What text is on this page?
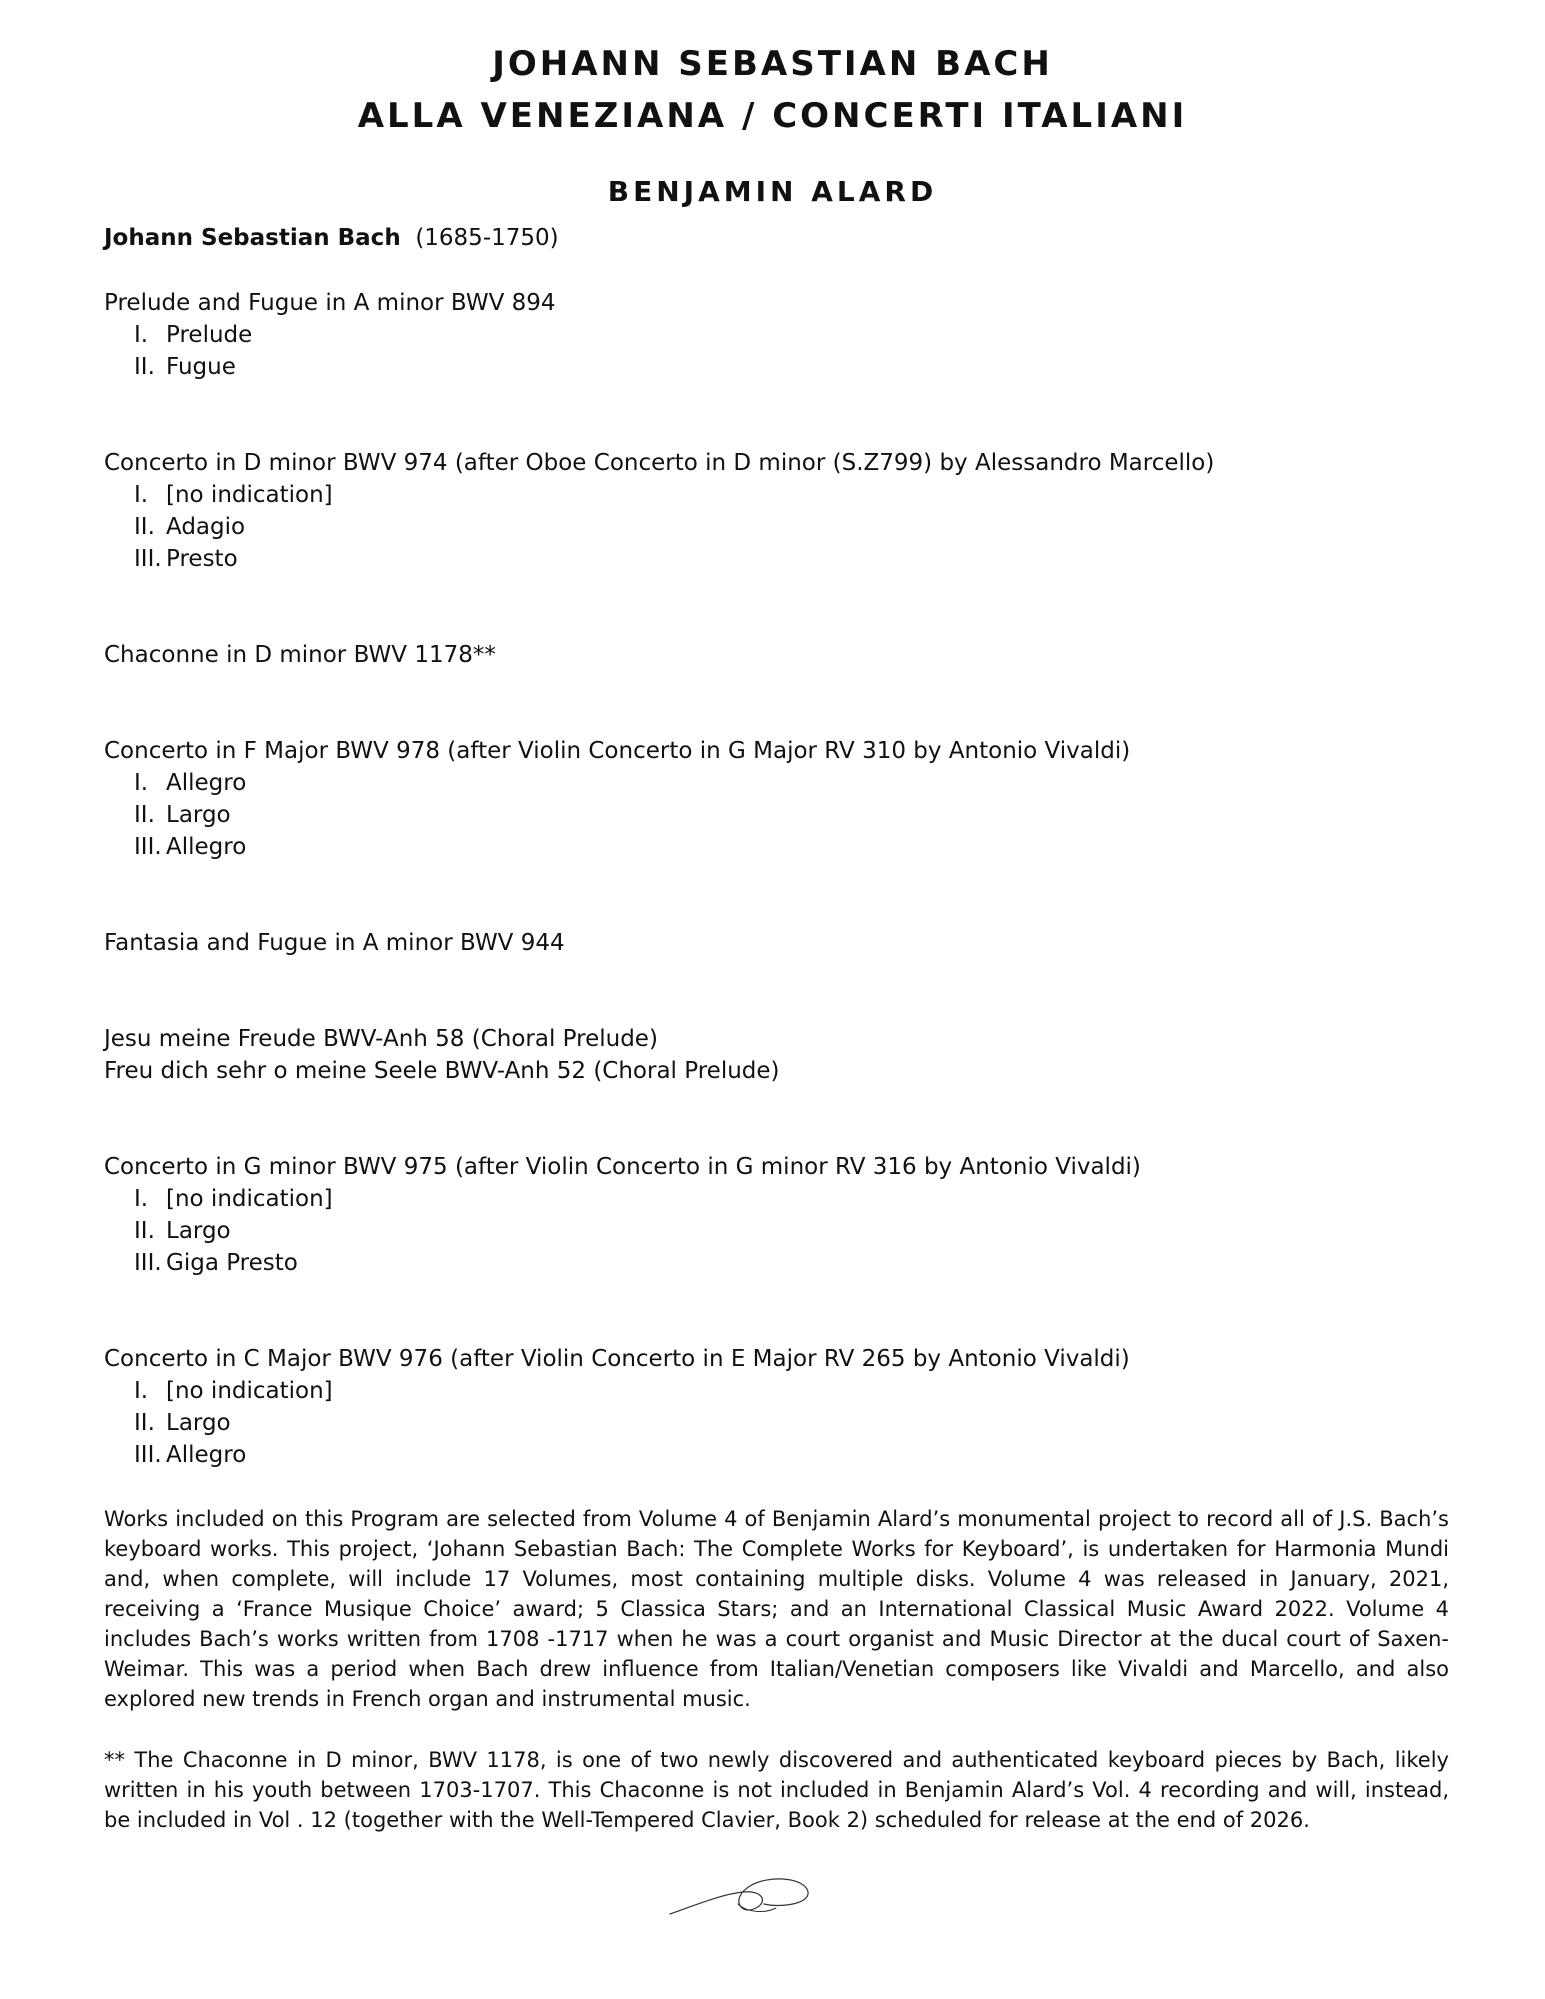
JOHANN SEBASTIAN BACH
ALLA VENEZIANA / CONCERTI ITALIANI
BENJAMIN ALARD

Johann Sebastian Bach (1685-1750)

Prelude and Fugue in A minor BWV 894
I. Prelude
II. Fugue
Concerto in D minor BWV 974 (after Oboe Concerto in D minor (S.Z799) by Alessandro Marcello)
I. [no indication]
II. Adagio
III. Presto
Chaconne in D minor BWV 1178**
Concerto in F Major BWV 978 (after Violin Concerto in G Major RV 310 by Antonio Vivaldi)
I. Allegro
II. Largo
III. Allegro
Fantasia and Fugue in A minor BWV 944
Jesu meine Freude BWV-Anh 58 (Choral Prelude)
Freu dich sehr o meine Seele BWV-Anh 52 (Choral Prelude)
Concerto in G minor BWV 975 (after Violin Concerto in G minor RV 316 by Antonio Vivaldi)
I. [no indication]
II. Largo
III. Giga Presto
Concerto in C Major BWV 976 (after Violin Concerto in E Major RV 265 by Antonio Vivaldi)
I. [no indication]
II. Largo
III. Allegro

Works included on this Program are selected from Volume 4 of Benjamin Alard’s monumental project to record all of J.S. Bach’s keyboard works. This project, ‘Johann Sebastian Bach: The Complete Works for Keyboard’, is undertaken for Harmonia Mundi and, when complete, will include 17 Volumes, most containing multiple disks. Volume 4 was released in January, 2021, receiving a ‘France Musique Choice’ award; 5 Classica Stars; and an International Classical Music Award 2022. Volume 4 includes Bach’s works written from 1708 -1717 when he was a court organist and Music Director at the ducal court of Saxen-Weimar. This was a period when Bach drew influence from Italian/Venetian composers like Vivaldi and Marcello, and also explored new trends in French organ and instrumental music.

** The Chaconne in D minor, BWV 1178, is one of two newly discovered and authenticated keyboard pieces by Bach, likely written in his youth between 1703-1707. This Chaconne is not included in Benjamin Alard’s Vol. 4 recording and will, instead, be included in Vol . 12 (together with the Well-Tempered Clavier, Book 2) scheduled for release at the end of 2026.
